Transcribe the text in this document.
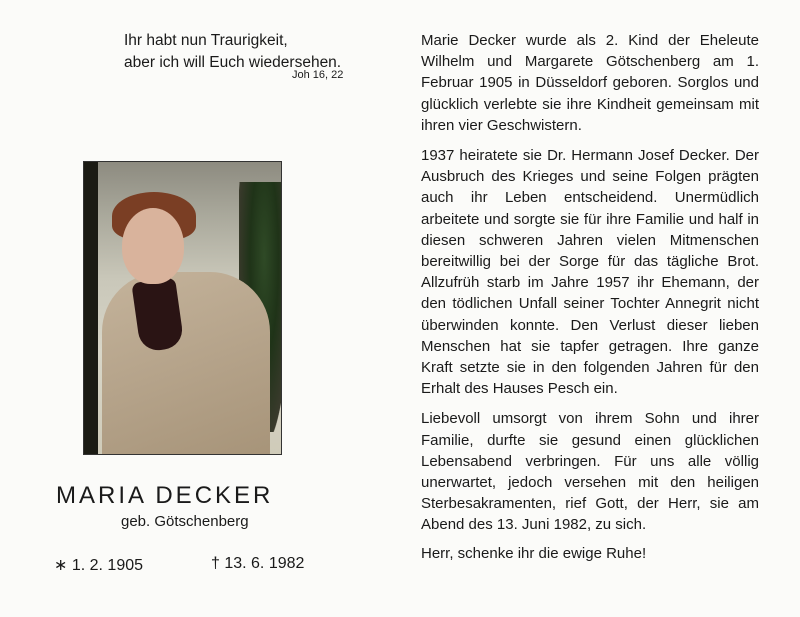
Ihr habt nun Traurigkeit,
aber ich will Euch wiedersehen.
Joh 16, 22
MARIA DECKER
geb. Götschenberg
∗ 1. 2. 1905	† 13. 6. 1982

Marie Decker wurde als 2. Kind der Eheleute Wilhelm und Margarete Götschenberg am 1. Februar 1905 in Düsseldorf geboren. Sorglos und glücklich verlebte sie ihre Kindheit gemeinsam mit ihren vier Geschwistern.

1937 heiratete sie Dr. Hermann Josef Decker. Der Ausbruch des Krieges und seine Folgen prägten auch ihr Leben entscheidend. Unermüdlich arbeitete und sorgte sie für ihre Familie und half in diesen schweren Jahren vielen Mitmenschen bereitwillig bei der Sorge für das tägliche Brot. Allzufrüh starb im Jahre 1957 ihr Ehemann, der den tödlichen Unfall seiner Tochter Annegrit nicht überwinden konnte. Den Verlust dieser lieben Menschen hat sie tapfer getragen. Ihre ganze Kraft setzte sie in den folgenden Jahren für den Erhalt des Hauses Pesch ein.

Liebevoll umsorgt von ihrem Sohn und ihrer Familie, durfte sie gesund einen glücklichen Lebensabend verbringen. Für uns alle völlig unerwartet, jedoch versehen mit den heiligen Sterbesakramenten, rief Gott, der Herr, sie am Abend des 13. Juni 1982, zu sich.

Herr, schenke ihr die ewige Ruhe!
